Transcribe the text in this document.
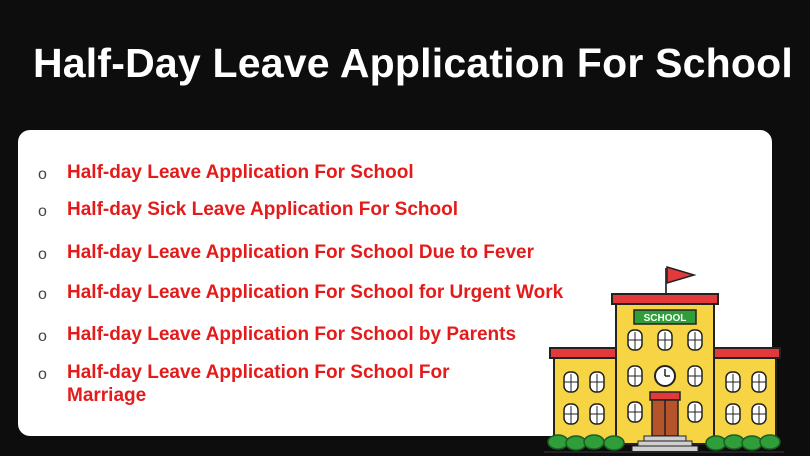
Half-Day Leave Application For School
o Half-day Leave Application For School
o Half-day Sick Leave Application For School
o Half-day Leave Application For School Due to Fever
o Half-day Leave Application For School for Urgent Work
o Half-day Leave Application For School by Parents
o Half-day Leave Application For School For Marriage
SCHOOL
